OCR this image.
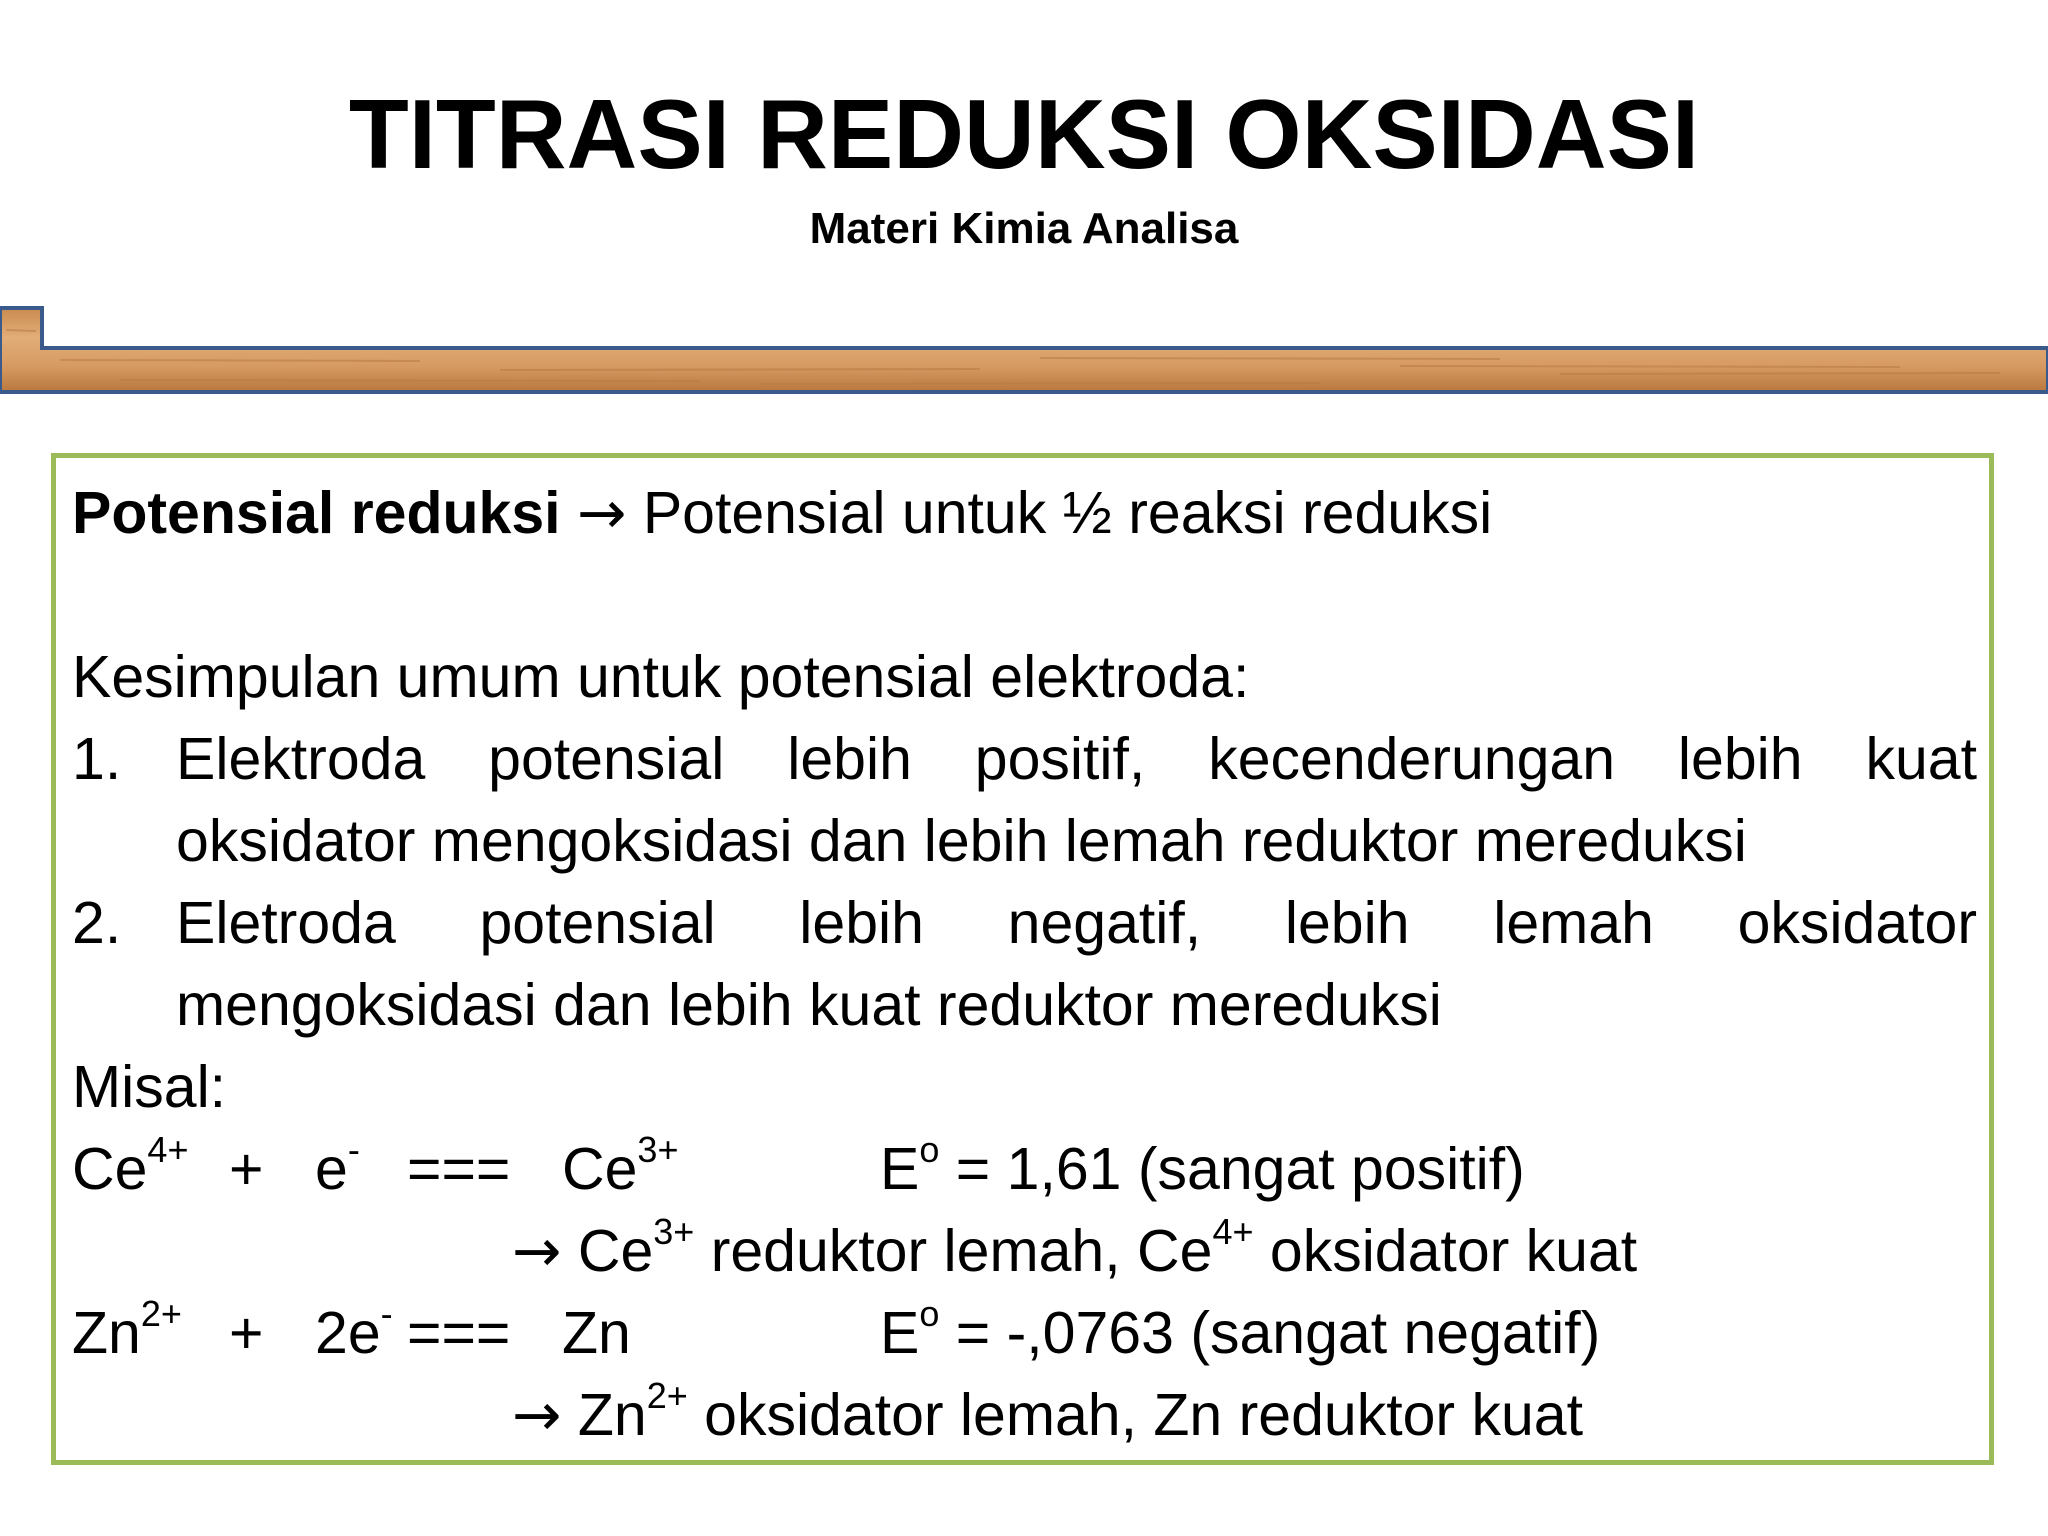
TITRASI REDUKSI OKSIDASI
Materi Kimia Analisa
Potensial reduksi → Potensial untuk ½ reaksi reduksi
Kesimpulan umum untuk potensial elektroda:
1. Elektroda potensial lebih positif, kecenderungan lebih kuat
oksidator mengoksidasi dan lebih lemah reduktor mereduksi
2. Eletroda potensial lebih negatif, lebih lemah oksidator
mengoksidasi dan lebih kuat reduktor mereduksi
Misal:
$Ce^{4+} + e^-$ === $Ce^{3+}$	$E^o = 1,61$ (sangat positif)
→ $Ce^{3+}$ reduktor lemah, $Ce^{4+}$ oksidator kuat
$Zn^{2+} + 2e^-$ === Zn	$E^o = -,0763$ (sangat negatif)
→ $Zn^{2+}$ oksidator lemah, Zn reduktor kuat
